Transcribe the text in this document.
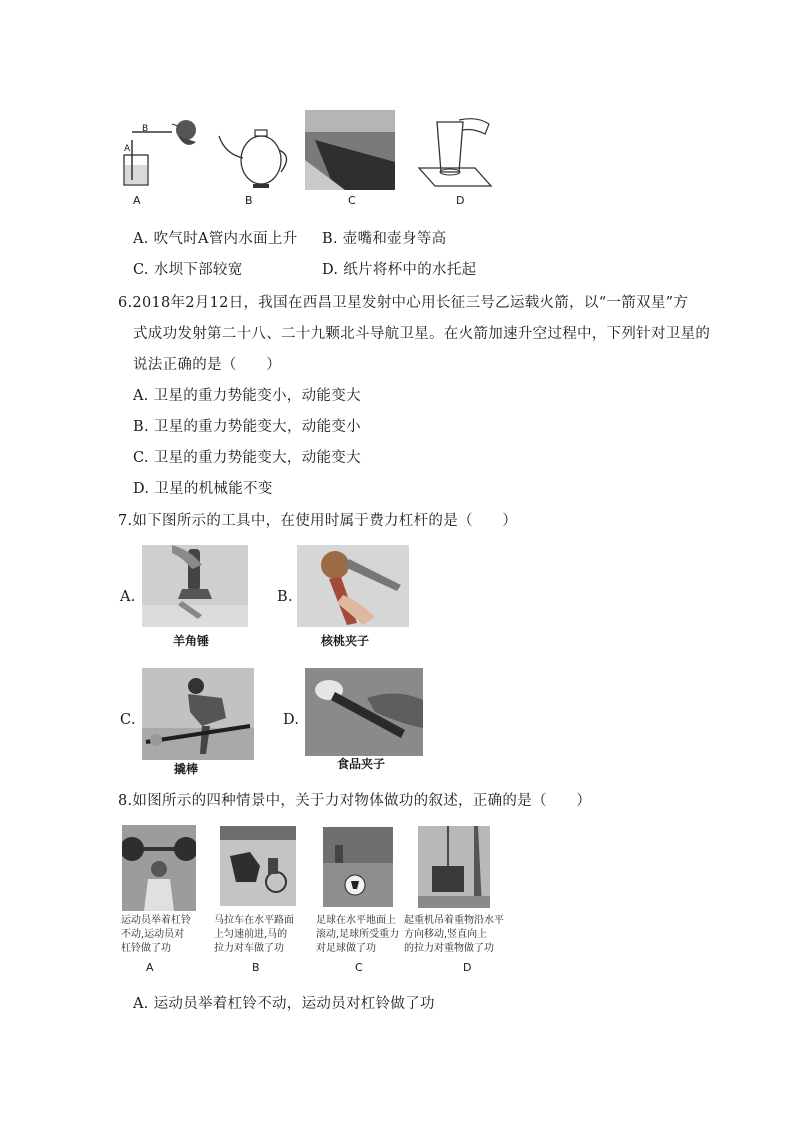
B
A
A	B	C	D
A. 吹气时A管内水面上升 B. 壶嘴和壶身等高
C. 水坝下部较宽	D. 纸片将杯中的水托起
6.2018年2月12日，我国在西昌卫星发射中心用长征三号乙运载火箭，以“一箭双星”方
式成功发射第二十八、二十九颗北斗导航卫星。在火箭加速升空过程中，下列针对卫星的
说法正确的是（　　）
A. 卫星的重力势能变小，动能变大
B. 卫星的重力势能变大，动能变小
C. 卫星的重力势能变大，动能变大
D. 卫星的机械能不变
7.如下图所示的工具中，在使用时属于费力杠杆的是（　　）
A.
羊角锤
B.
核桃夹子
C.
撬棒
D.
食品夹子
8.如图所示的四种情景中，关于力对物体做功的叙述，正确的是（　　）
运动员举着杠铃
不动,运动员对
杠铃做了功
马拉车在水平路面
上匀速前进,马的
拉力对车做了功
足球在水平地面上
滚动,足球所受重力
对足球做了功
起重机吊着重物沿水平
方向移动,竖直向上
的拉力对重物做了功
A	B	C	D
A. 运动员举着杠铃不动，运动员对杠铃做了功
